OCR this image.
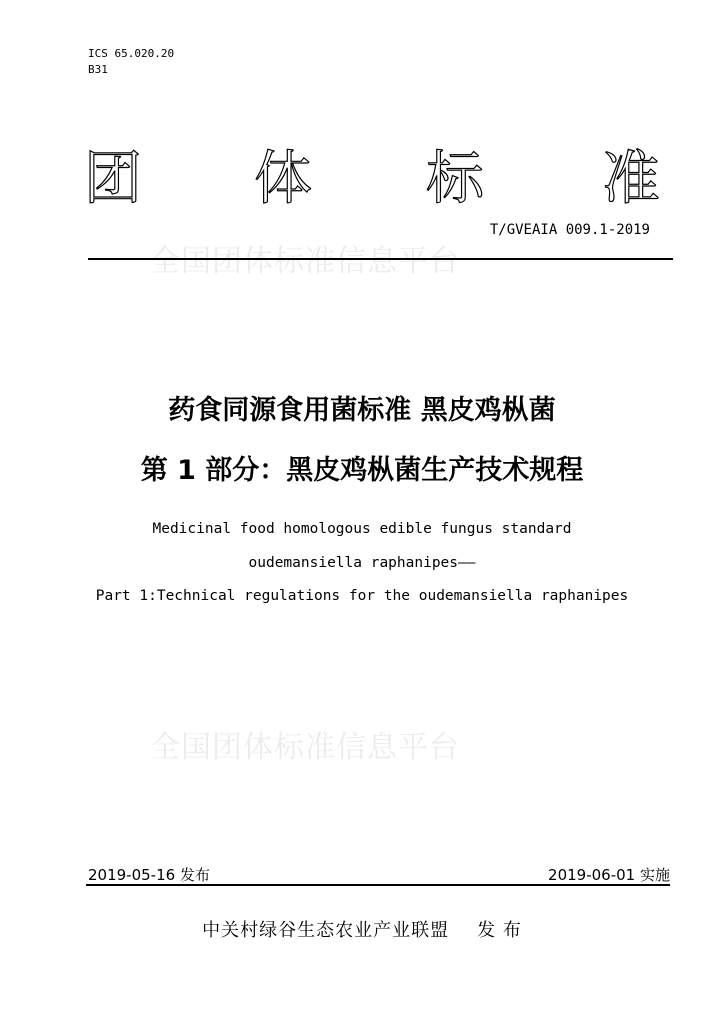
ICS 65.020.20
B31
团 体 标 准
全国团体标准信息平台
T/GVEAIA 009.1-2019
药食同源食用菌标准 黑皮鸡枞菌
第 1 部分：黑皮鸡枞菌生产技术规程
Medicinal food homologous edible fungus standard
oudemansiella raphanipes——
Part 1:Technical regulations for the oudemansiella raphanipes
全国团体标准信息平台
2019-05-16 发布	2019-06-01 实施
中关村绿谷生态农业产业联盟 发 布
